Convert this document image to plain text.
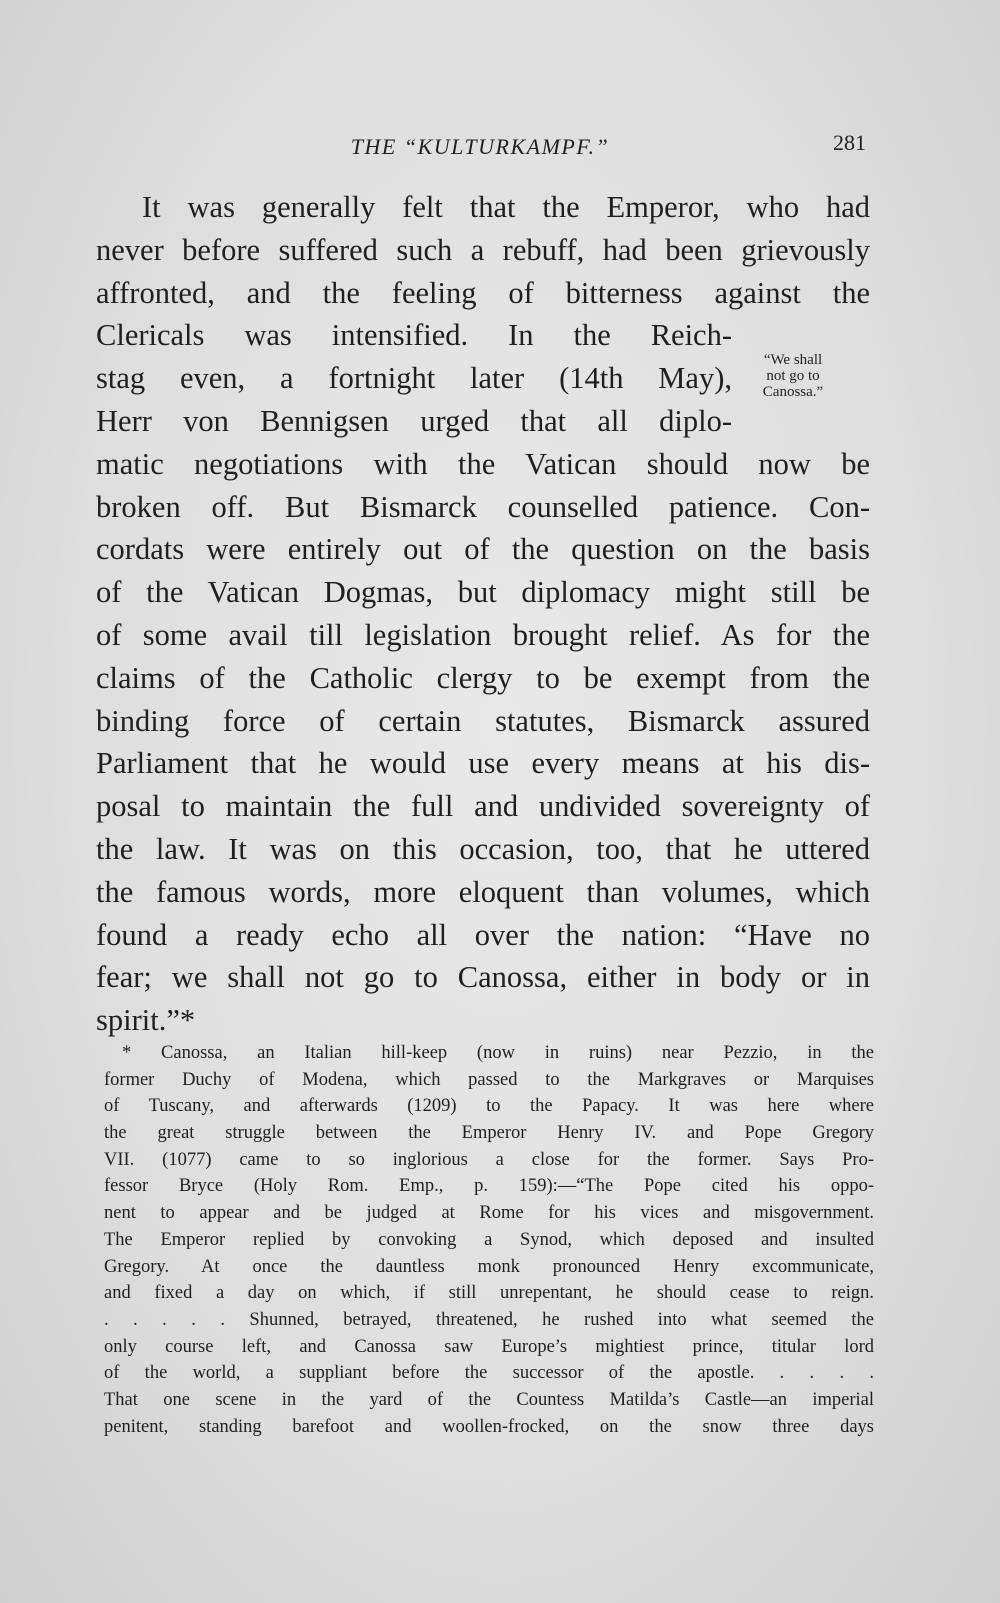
THE “KULTURKAMPF.”	281
“We shall
not go to
Canossa.”
It was generally felt that the Emperor, who had
never before suffered such a rebuff, had been grievously
affronted, and the feeling of bitterness against the
Clericals was intensified. In the Reich-
stag even, a fortnight later (14th May),
Herr von Bennigsen urged that all diplo-
matic negotiations with the Vatican should now be
broken off. But Bismarck counselled patience. Con-
cordats were entirely out of the question on the basis
of the Vatican Dogmas, but diplomacy might still be
of some avail till legislation brought relief. As for the
claims of the Catholic clergy to be exempt from the
binding force of certain statutes, Bismarck assured
Parliament that he would use every means at his dis-
posal to maintain the full and undivided sovereignty of
the law. It was on this occasion, too, that he uttered
the famous words, more eloquent than volumes, which
found a ready echo all over the nation: “Have no
fear; we shall not go to Canossa, either in body or in
spirit.”*
* Canossa, an Italian hill-keep (now in ruins) near Pezzio, in the
former Duchy of Modena, which passed to the Markgraves or Marquises
of Tuscany, and afterwards (1209) to the Papacy. It was here where
the great struggle between the Emperor Henry IV. and Pope Gregory
VII. (1077) came to so inglorious a close for the former. Says Pro-
fessor Bryce (Holy Rom. Emp., p. 159):—“The Pope cited his oppo-
nent to appear and be judged at Rome for his vices and misgovernment.
The Emperor replied by convoking a Synod, which deposed and insulted
Gregory. At once the dauntless monk pronounced Henry excommunicate,
and fixed a day on which, if still unrepentant, he should cease to reign.
. . . . . Shunned, betrayed, threatened, he rushed into what seemed the
only course left, and Canossa saw Europe’s mightiest prince, titular lord
of the world, a suppliant before the successor of the apostle. . . . .
That one scene in the yard of the Countess Matilda’s Castle—an imperial
penitent, standing barefoot and woollen-frocked, on the snow three days
